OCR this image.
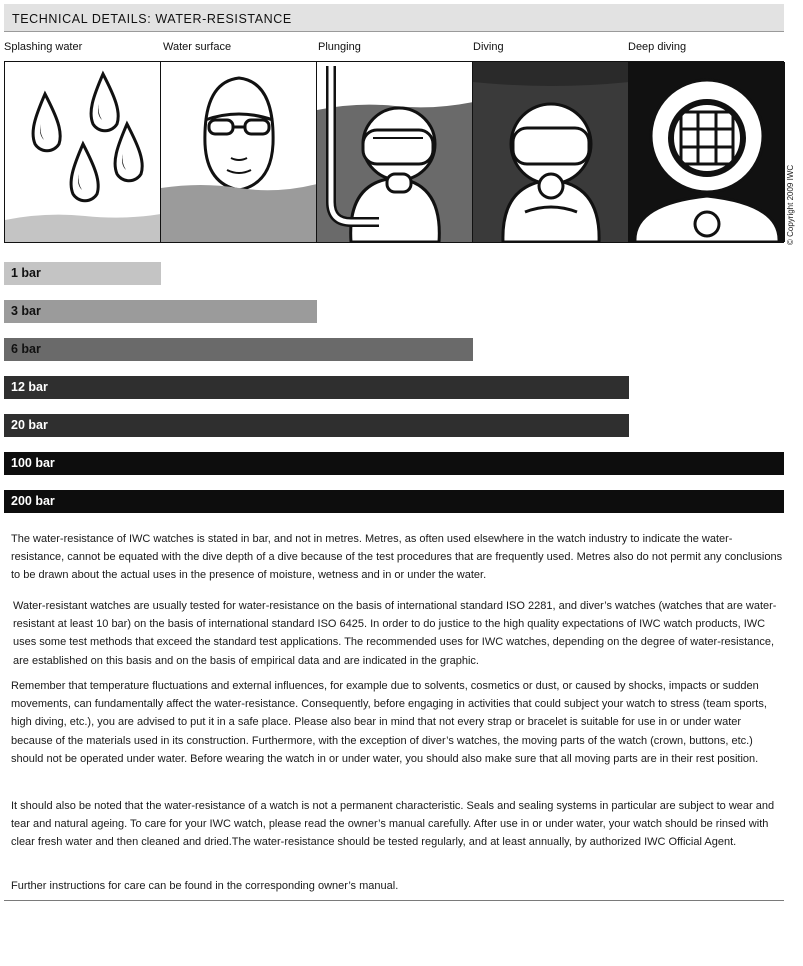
TECHNICAL DETAILS: WATER-RESISTANCE
Splashing water	Water surface	Plunging	Diving	Deep diving
© Copyright 2009 IWC
1 bar
3 bar
6 bar
12 bar
20 bar
100 bar
200 bar

The water-resistance of IWC watches is stated in bar, and not in metres. Metres, as often used elsewhere in the watch industry to indicate the water-resistance, cannot be equated with the dive depth of a dive because of the test procedures that are frequently used. Metres also do not permit any conclusions to be drawn about the actual uses in the presence of moisture, wetness and in or under the water.

Water-resistant watches are usually tested for water-resistance on the basis of international standard ISO 2281, and diver’s watches (watches that are water-resistant at least 10 bar) on the basis of international standard ISO 6425. In order to do justice to the high quality expectations of IWC watch products, IWC uses some test methods that exceed the standard test applications. The recommended uses for IWC watches, depending on the degree of water-resistance, are established on this basis and on the basis of empirical data and are indicated in the graphic.

Remember that temperature fluctuations and external influences, for example due to solvents, cosmetics or dust, or caused by shocks, impacts or sudden movements, can fundamentally affect the water-resistance. Consequently, before engaging in activities that could subject your watch to stress (team sports, high diving, etc.), you are advised to put it in a safe place. Please also bear in mind that not every strap or bracelet is suitable for use in or under water because of the materials used in its construction. Furthermore, with the exception of diver’s watches, the moving parts of the watch (crown, buttons, etc.) should not be operated under water. Before wearing the watch in or under water, you should also make sure that all moving parts are in their rest position.

It should also be noted that the water-resistance of a watch is not a permanent characteristic. Seals and sealing systems in particular are subject to wear and tear and natural ageing. To care for your IWC watch, please read the owner’s manual carefully. After use in or under water, your watch should be rinsed with clear fresh water and then cleaned and dried.The water-resistance should be tested regularly, and at least annually, by authorized IWC Official Agent.

Further instructions for care can be found in the corresponding owner’s manual.
